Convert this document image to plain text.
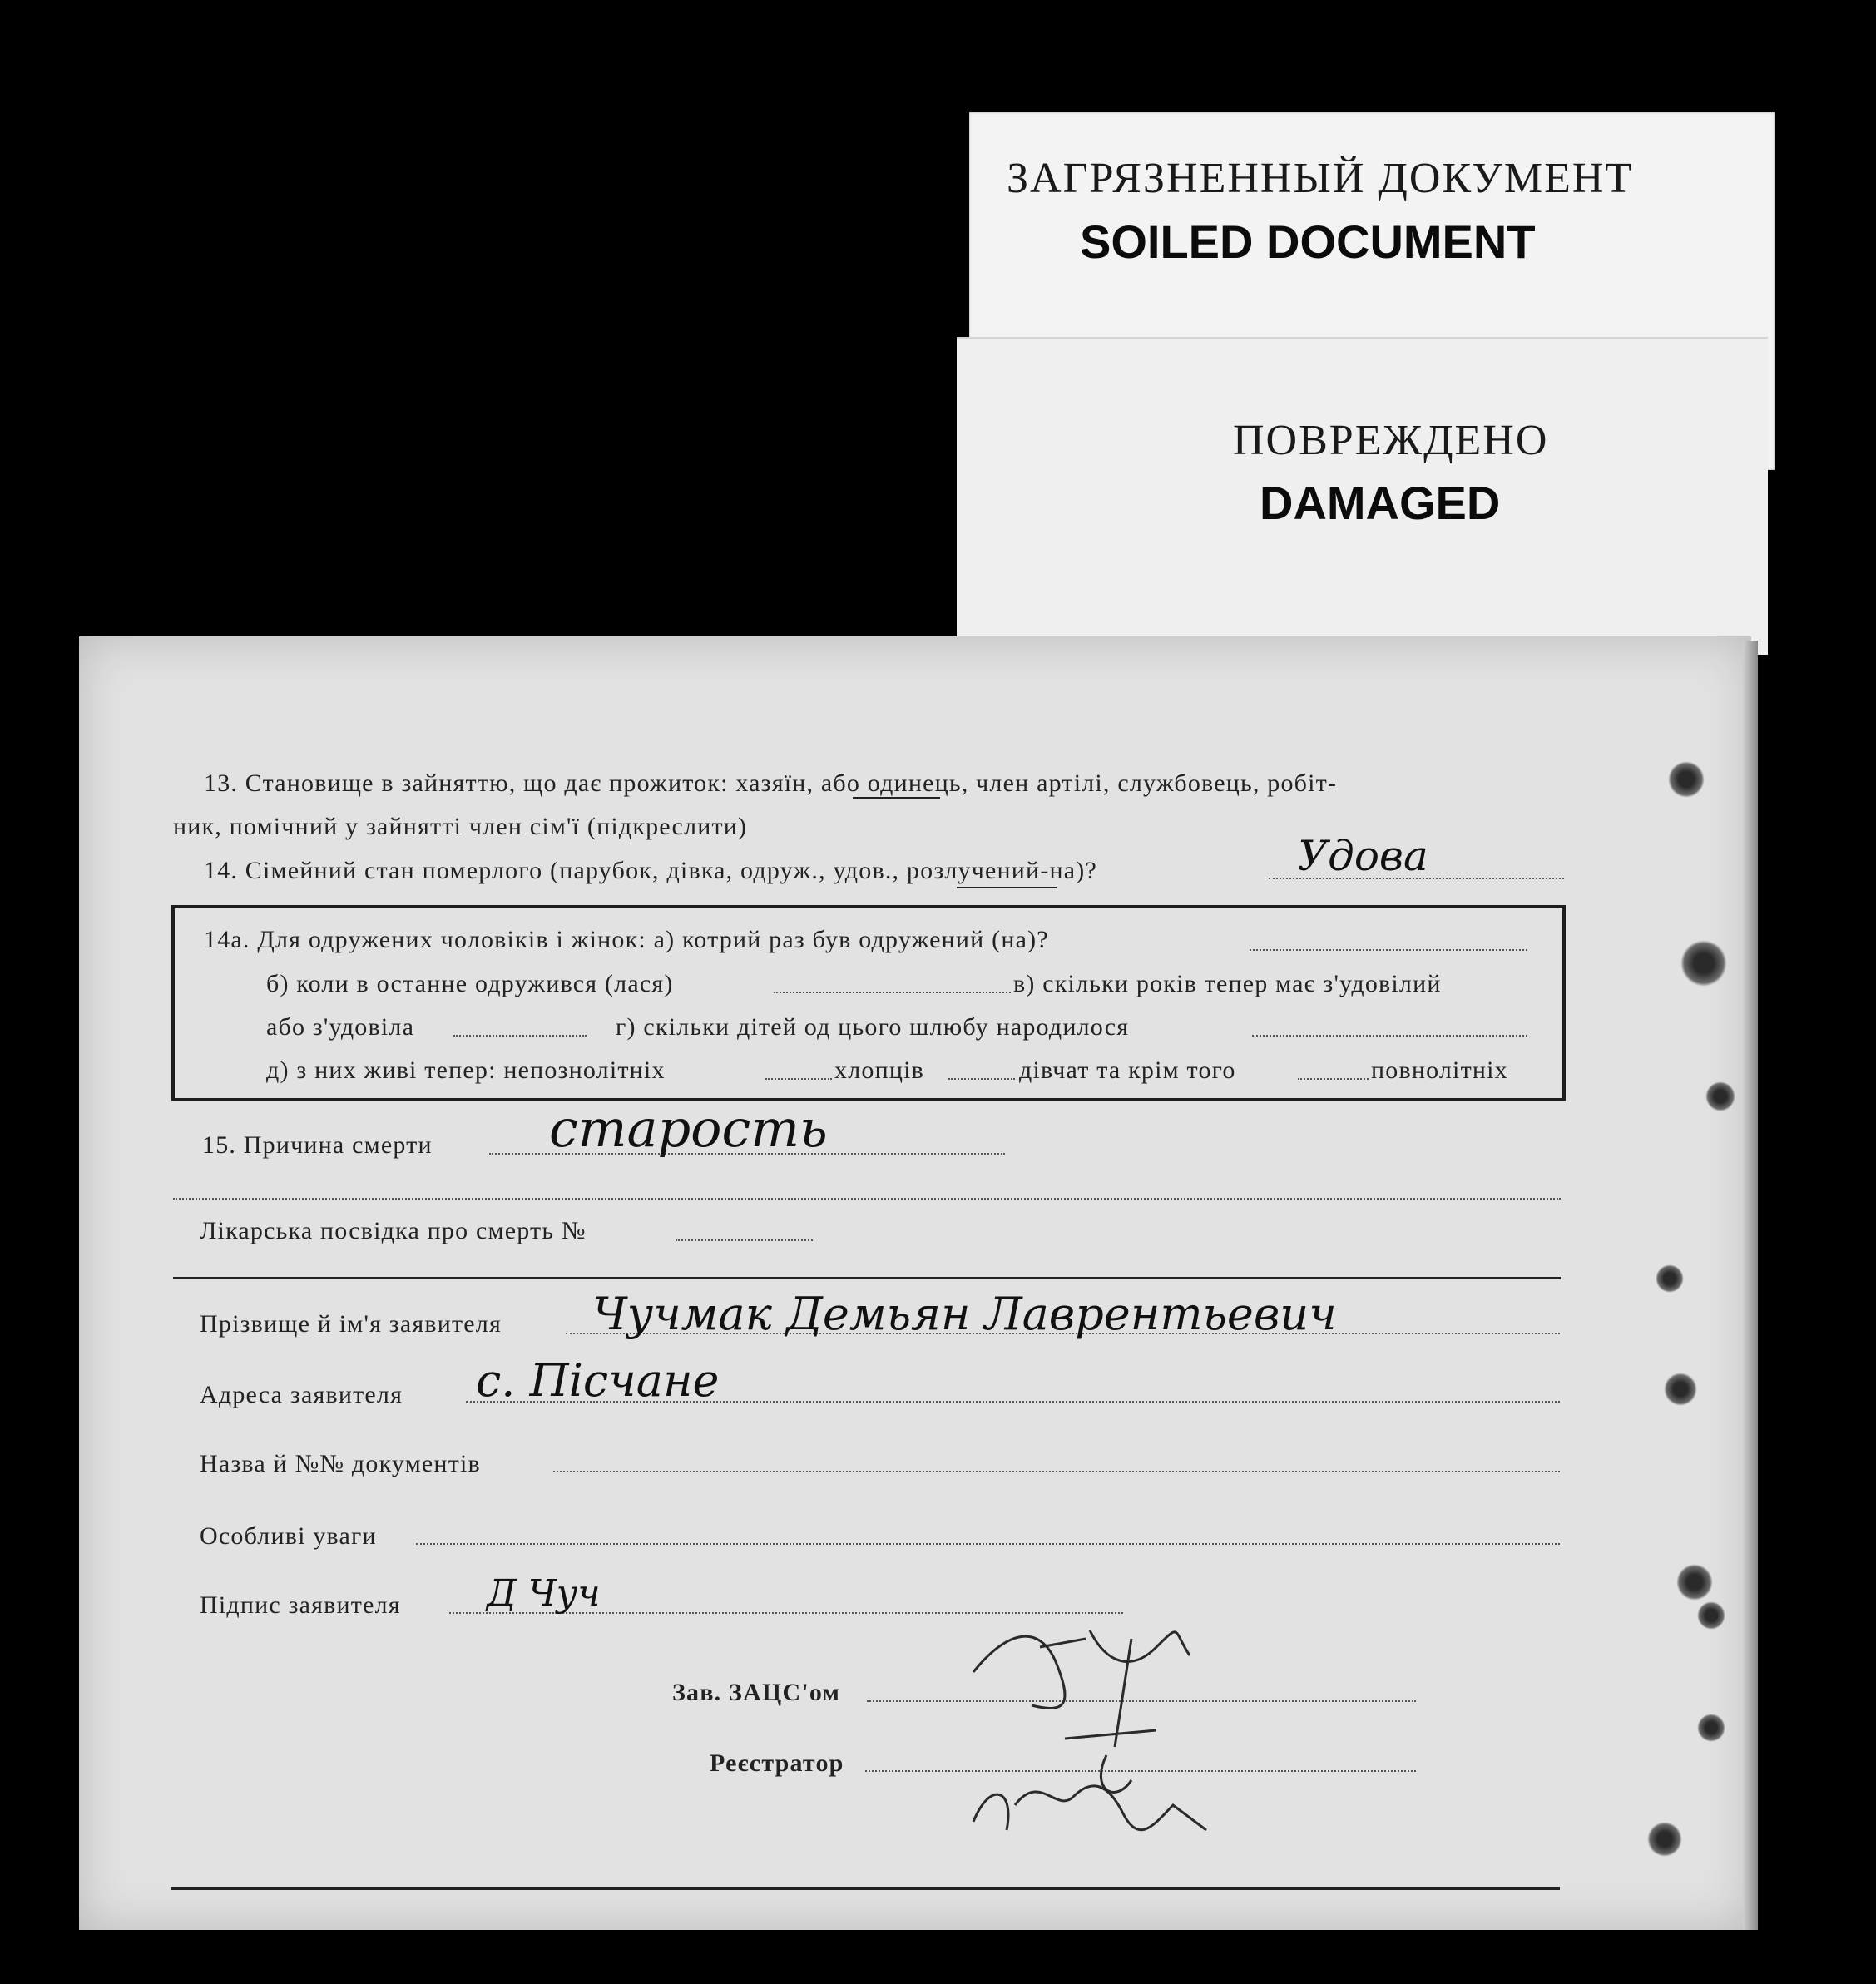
ЗАГРЯЗНЕННЫЙ ДОКУМЕНТ
SOILED DOCUMENT
ПОВРЕЖДЕНО
DAMAGED
13. Становище в зайняттю, що дає прожиток: хазяїн, або одинець, член артілі, службовець, робіт-
ник, помічний у зайнятті член сім'ї (підкреслити)
14. Сімейний стан померлого (парубок, дівка, одруж., удов., розлучений-на)?	Удова
14а. Для одружених чоловіків і жінок: а) котрий раз був одружений (на)?
б) коли в останне одружився (лася)	в) скільки років тепер має з'удовілий
або з'удовіла	г) скільки дітей од цього шлюбу народилося
д) з них живі тепер: непознолітніх	хлопців	дівчат та крім того	повнолітніх
15. Причина смерти старость
Лікарська посвідка про смерть №
Прізвище й ім'я заявителя Чучмак Демьян Лаврентьевич
Адреса заявителя с. Пісчане
Назва й №№ документів
Особливі уваги
Підпис заявителя Д Чуч
Зав. ЗАЦС'ом
Реєстратор
